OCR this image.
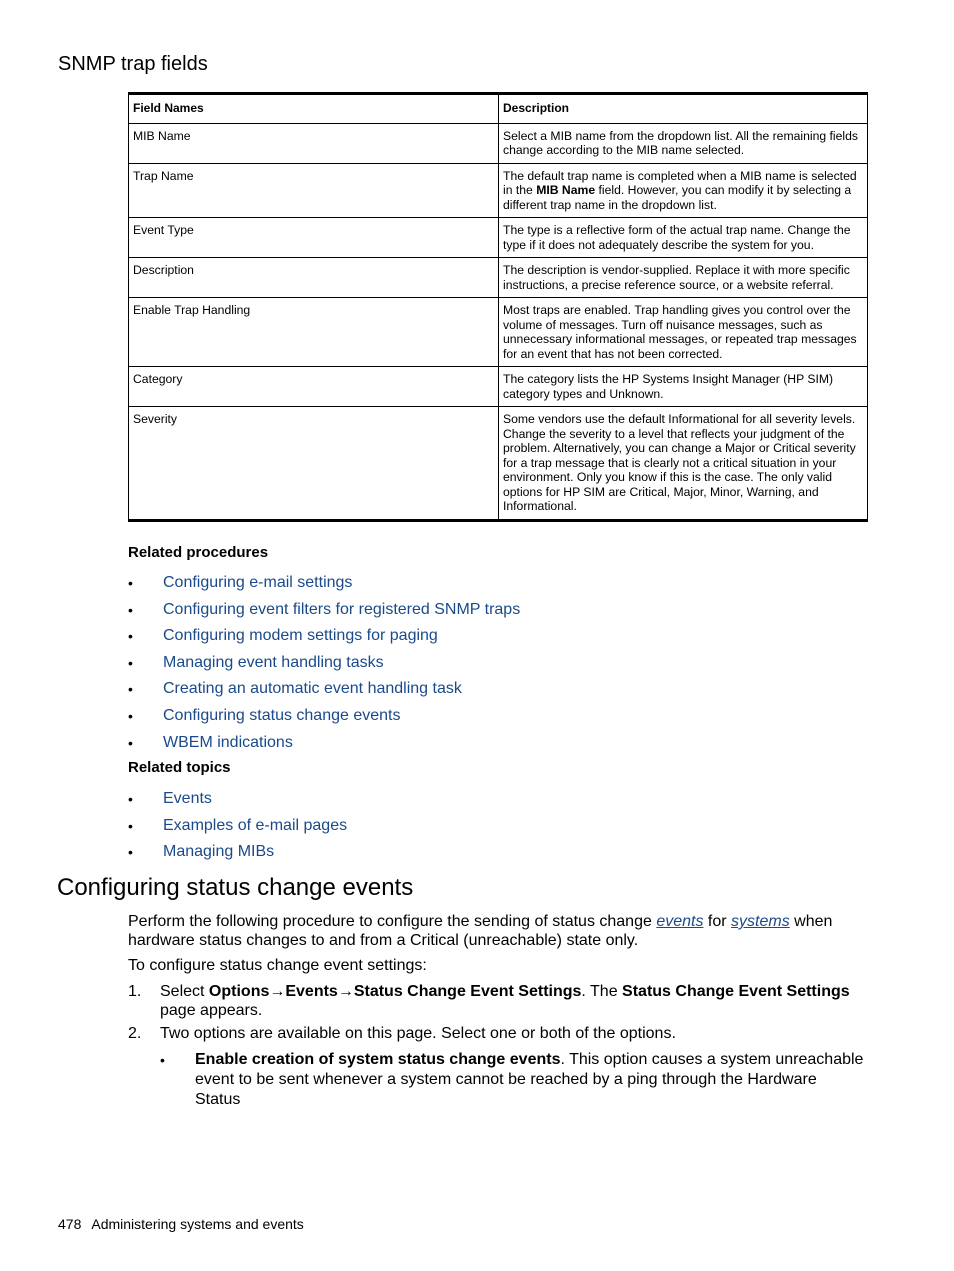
SNMP trap fields
Field Names	Description
MIB Name	Select a MIB name from the dropdown list. All the remaining fields change according to the MIB name selected.
Trap Name	The default trap name is completed when a MIB name is selected in the MIB Name field. However, you can modify it by selecting a different trap name in the dropdown list.
Event Type	The type is a reflective form of the actual trap name. Change the type if it does not adequately describe the system for you.
Description	The description is vendor-supplied. Replace it with more specific instructions, a precise reference source, or a website referral.
Enable Trap Handling	Most traps are enabled. Trap handling gives you control over the volume of messages. Turn off nuisance messages, such as unnecessary informational messages, or repeated trap messages for an event that has not been corrected.
Category	The category lists the HP Systems Insight Manager (HP SIM) category types and Unknown.
Severity	Some vendors use the default Informational for all severity levels. Change the severity to a level that reflects your judgment of the problem. Alternatively, you can change a Major or Critical severity for a trap message that is clearly not a critical situation in your environment. Only you know if this is the case. The only valid options for HP SIM are Critical, Major, Minor, Warning, and Informational.
Related procedures
• Configuring e-mail settings
• Configuring event filters for registered SNMP traps
• Configuring modem settings for paging
• Managing event handling tasks
• Creating an automatic event handling task
• Configuring status change events
• WBEM indications
Related topics
• Events
• Examples of e-mail pages
• Managing MIBs
Configuring status change events
Perform the following procedure to configure the sending of status change events for systems when hardware status changes to and from a Critical (unreachable) state only.
To configure status change event settings:
1. Select Options→Events→Status Change Event Settings. The Status Change Event Settings page appears.
2. Two options are available on this page. Select one or both of the options.
• Enable creation of system status change events. This option causes a system unreachable event to be sent whenever a system cannot be reached by a ping through the Hardware Status
478 Administering systems and events
